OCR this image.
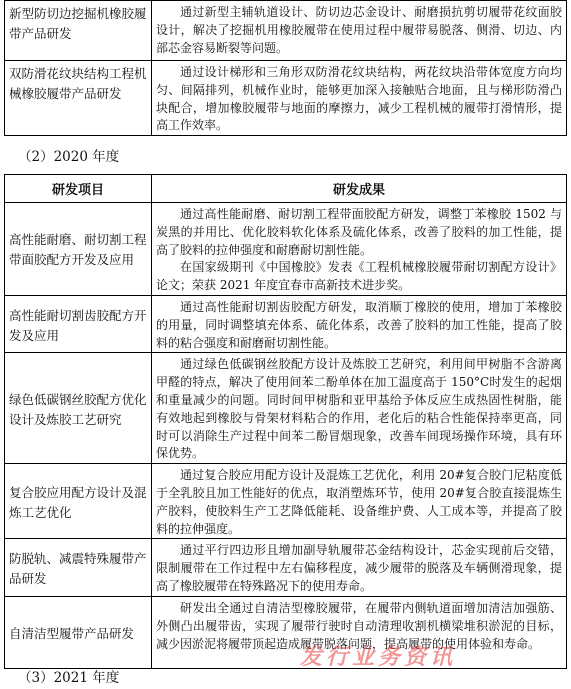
新型防切边挖掘机橡胶履带产品研发	通过新型主辅轨道设计、防切边芯金设计、耐磨损抗剪切履带花纹面胶设计，解决了挖掘机用橡胶履带在使用过程中履带易脱落、侧滑、切边、内部芯金容易断裂等问题。

双防滑花纹块结构工程机械橡胶履带产品研发	通过设计梯形和三角形双防滑花纹块结构，两花纹块沿带体宽度方向均匀、间隔排列，机械作业时，能够更加深入接触贴合地面，且与梯形防滑凸块配合，增加橡胶履带与地面的摩擦力，减少工程机械的履带打滑情形，提高工作效率。

（2）2020 年度
研发项目	研发成果
高性能耐磨、耐切割工程带面胶配方开发及应用	通过高性能耐磨、耐切割工程带面胶配方研发，调整丁苯橡胶 1502 与炭黑的并用比、优化胶料软化体系及硫化体系，改善了胶料的加工性能，提高了胶料的拉伸强度和耐磨耐切割性能。

在国家级期刊《中国橡胶》发表《工程机械橡胶履带耐切割配方设计》论文；荣获 2021 年度宜春市高新技术进步奖。

高性能耐切割齿胶配方开发及应用	通过高性能耐切割齿胶配方研发，取消顺丁橡胶的使用，增加丁苯橡胶的用量，同时调整填充体系、硫化体系，改善了胶料的加工性能，提高了胶料的粘合强度和耐磨耐切割性能。

绿色低碳钢丝胶配方优化设计及炼胶工艺研究	通过绿色低碳钢丝胶配方设计及炼胶工艺研究，利用间甲树脂不含游离甲醛的特点，解决了使用间苯二酚单体在加工温度高于 150°C时发生的起烟和重量减少的问题。同时间甲树脂和亚甲基给予体反应生成热固性树脂，能有效地起到橡胶与骨架材料粘合的作用，老化后的粘合性能保持率更高，同时可以消除生产过程中间苯二酚冒烟现象，改善车间现场操作环境，具有环保优势。

复合胶应用配方设计及混炼工艺优化	通过复合胶应用配方设计及混炼工艺优化，利用 20#复合胶门尼粘度低于全乳胶且加工性能好的优点，取消塑炼环节，使用 20#复合胶直接混炼生产胶料，使胶料生产工艺降低能耗、设备维护费、人工成本等，并提高了胶料的拉伸强度。

防脱轨、减震特殊履带产品研发	通过平行四边形且增加副导轨履带芯金结构设计，芯金实现前后交错，限制履带在工作过程中左右偏移程度，减少履带的脱落及车辆侧滑现象，提高了橡胶履带在特殊路况下的使用寿命。

自清洁型履带产品研发	研发出全通过自清洁型橡胶履带，在履带内侧轨道面增加清洁加强筋、外侧凸出履带齿，实现了履带行驶时自动清理收割机横梁堆积淤泥的目标，减少因淤泥将履带顶起造成履带脱落问题，提高履带的使用体验和寿命。

发行业务资讯
（3）2021 年度
